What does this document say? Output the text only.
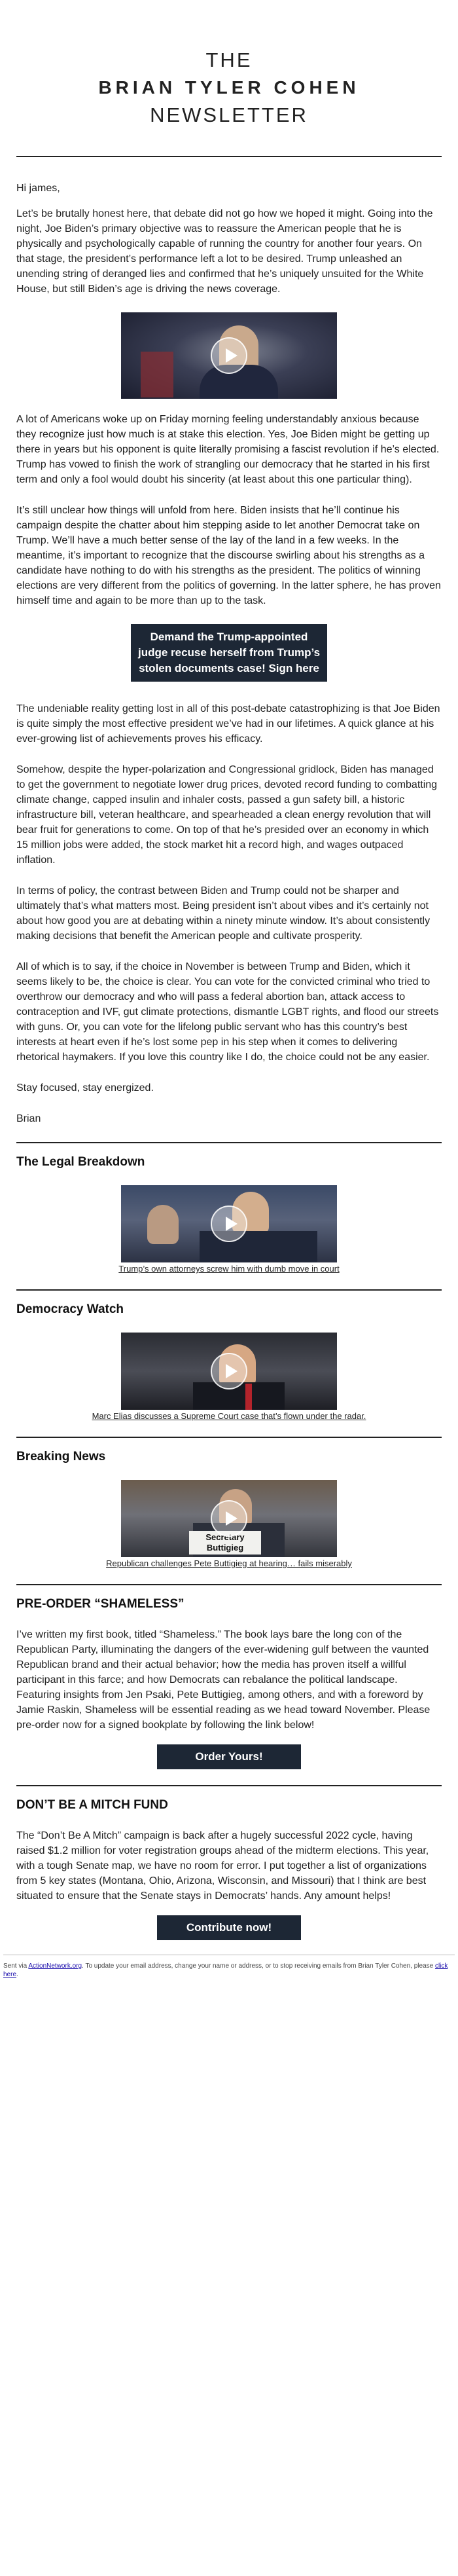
THE
BRIAN TYLER COHEN
NEWSLETTER

Hi james,

Let’s be brutally honest here, that debate did not go how we hoped it might. Going into the night, Joe Biden’s primary objective was to reassure the American people that he is physically and psychologically capable of running the country for another four years. On that stage, the president’s performance left a lot to be desired. Trump unleashed an unending string of deranged lies and confirmed that he’s uniquely unsuited for the White House, but still Biden’s age is driving the news coverage.

A lot of Americans woke up on Friday morning feeling understandably anxious because they recognize just how much is at stake this election. Yes, Joe Biden might be getting up there in years but his opponent is quite literally promising a fascist revolution if he’s elected. Trump has vowed to finish the work of strangling our democracy that he started in his first term and only a fool would doubt his sincerity (at least about this one particular thing).

It’s still unclear how things will unfold from here. Biden insists that he’ll continue his campaign despite the chatter about him stepping aside to let another Democrat take on Trump. We’ll have a much better sense of the lay of the land in a few weeks. In the meantime, it’s important to recognize that the discourse swirling about his strengths as a candidate have nothing to do with his strengths as the president. The politics of winning elections are very different from the politics of governing. In the latter sphere, he has proven himself time and again to be more than up to the task.

Demand the Trump-appointed judge recuse herself from Trump’s stolen documents case! Sign here

The undeniable reality getting lost in all of this post-debate catastrophizing is that Joe Biden is quite simply the most effective president we’ve had in our lifetimes. A quick glance at his ever-growing list of achievements proves his efficacy.

Somehow, despite the hyper-polarization and Congressional gridlock, Biden has managed to get the government to negotiate lower drug prices, devoted record funding to combatting climate change, capped insulin and inhaler costs, passed a gun safety bill, a historic infrastructure bill, veteran healthcare, and spearheaded a clean energy revolution that will bear fruit for generations to come. On top of that he’s presided over an economy in which 15 million jobs were added, the stock market hit a record high, and wages outpaced inflation.

In terms of policy, the contrast between Biden and Trump could not be sharper and ultimately that’s what matters most. Being president isn’t about vibes and it’s certainly not about how good you are at debating within a ninety minute window. It’s about consistently making decisions that benefit the American people and cultivate prosperity.

All of which is to say, if the choice in November is between Trump and Biden, which it seems likely to be, the choice is clear. You can vote for the convicted criminal who tried to overthrow our democracy and who will pass a federal abortion ban, attack access to contraception and IVF, gut climate protections, dismantle LGBT rights, and flood our streets with guns. Or, you can vote for the lifelong public servant who has this country’s best interests at heart even if he’s lost some pep in his step when it comes to delivering rhetorical haymakers. If you love this country like I do, the choice could not be any easier.

Stay focused, stay energized.

Brian

The Legal Breakdown
Trump’s own attorneys screw him with dumb move in court
Democracy Watch
Marc Elias discusses a Supreme Court case that’s flown under the radar.
Breaking News
Secretary Buttigieg
Republican challenges Pete Buttigieg at hearing… fails miserably
PRE-ORDER “SHAMELESS”

I’ve written my first book, titled “Shameless.” The book lays bare the long con of the Republican Party, illuminating the dangers of the ever-widening gulf between the vaunted Republican brand and their actual behavior; how the media has proven itself a willful participant in this farce; and how Democrats can rebalance the political landscape. Featuring insights from Jen Psaki, Pete Buttigieg, among others, and with a foreword by Jamie Raskin, Shameless will be essential reading as we head toward November. Please pre-order now for a signed bookplate by following the link below!

Order Yours!
DON’T BE A MITCH FUND

The “Don’t Be A Mitch” campaign is back after a hugely successful 2022 cycle, having raised $1.2 million for voter registration groups ahead of the midterm elections. This year, with a tough Senate map, we have no room for error. I put together a list of organizations from 5 key states (Montana, Ohio, Arizona, Wisconsin, and Missouri) that I think are best situated to ensure that the Senate stays in Democrats’ hands. Any amount helps!

Contribute now!
Sent via ActionNetwork.org. To update your email address, change your name or address, or to stop receiving emails from Brian Tyler Cohen, please click here.
